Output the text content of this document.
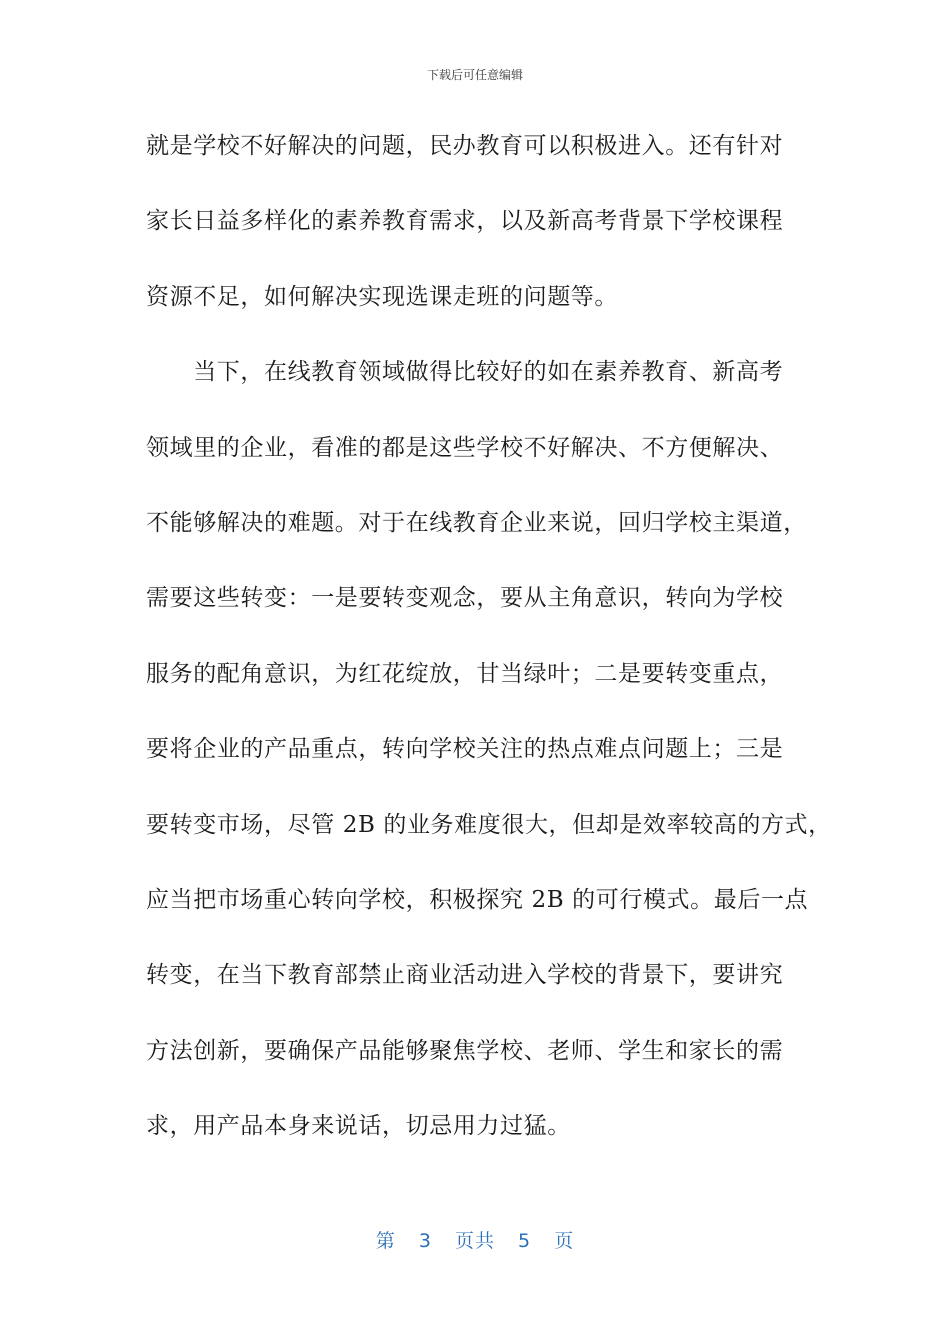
下载后可任意编辑
就是学校不好解决的问题，民办教育可以积极进入。还有针对
家长日益多样化的素养教育需求，以及新高考背景下学校课程
资源不足，如何解决实现选课走班的问题等。
　　当下，在线教育领域做得比较好的如在素养教育、新高考
领域里的企业，看准的都是这些学校不好解决、不方便解决、
不能够解决的难题。对于在线教育企业来说，回归学校主渠道，
需要这些转变：一是要转变观念，要从主角意识，转向为学校
服务的配角意识，为红花绽放，甘当绿叶；二是要转变重点，
要将企业的产品重点，转向学校关注的热点难点问题上；三是
要转变市场，尽管 2B 的业务难度很大，但却是效率较高的方式，
应当把市场重心转向学校，积极探究 2B 的可行模式。最后一点
转变，在当下教育部禁止商业活动进入学校的背景下，要讲究
方法创新，要确保产品能够聚焦学校、老师、学生和家长的需
求，用产品本身来说话，切忌用力过猛。
第 3 页共 5 页
